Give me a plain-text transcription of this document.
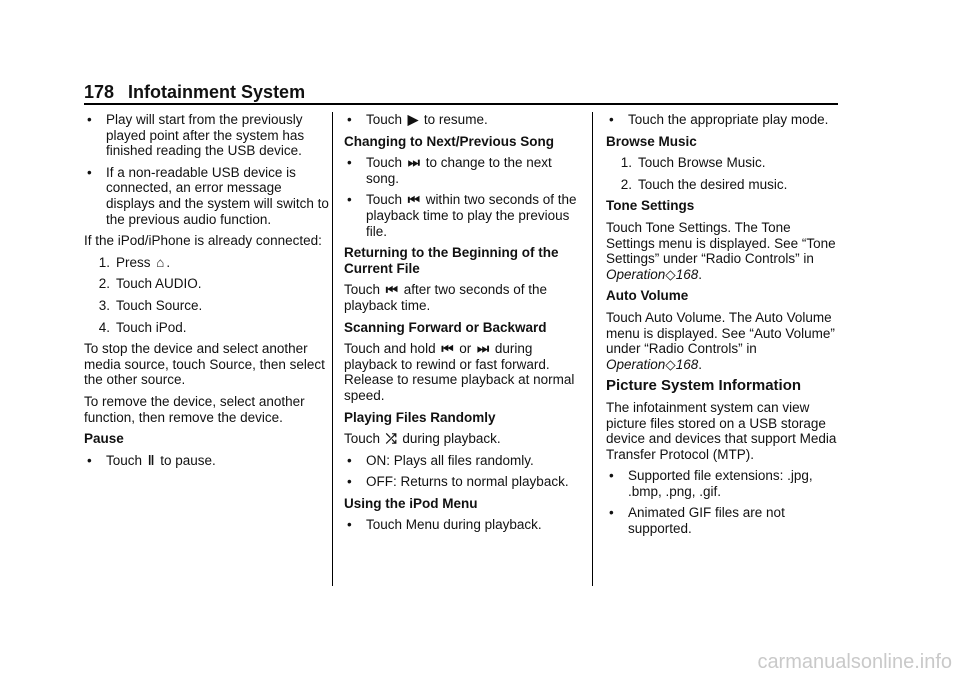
178 Infotainment System
•	Play will start from the previously played point after the system has finished reading the USB device.
•	If a non-readable USB device is connected, an error message displays and the system will switch to the previous audio function.

If the iPod/iPhone is already connected:

1. Press ⌂ .
2. Touch AUDIO.
3. Touch Source.
4. Touch iPod.

To stop the device and select another media source, touch Source, then select the other source.

To remove the device, select another function, then remove the device.

Pause
•	Touch ‖ to pause.
•	Touch ▶ to resume.
Changing to Next/Previous Song
•	Touch ⏭ to change to the next song.
•	Touch ⏮ within two seconds of the playback time to play the previous file.
Returning to the Beginning of the Current File

Touch ⏮ after two seconds of the playback time.

Scanning Forward or Backward

Touch and hold ⏮ or ⏭ during playback to rewind or fast forward. Release to resume playback at normal speed.

Playing Files Randomly

Touch ⤮ during playback.

•	ON: Plays all files randomly.
•	OFF: Returns to normal playback.
Using the iPod Menu
•	Touch Menu during playback.
•	Touch the appropriate play mode.
Browse Music
1. Touch Browse Music.
2. Touch the desired music.
Tone Settings

Touch Tone Settings. The Tone Settings menu is displayed. See “Tone Settings” under “Radio Controls” in Operation◇168.

Auto Volume

Touch Auto Volume. The Auto Volume menu is displayed. See “Auto Volume” under “Radio Controls” in Operation◇168.

Picture System Information

The infotainment system can view picture files stored on a USB storage device and devices that support Media Transfer Protocol (MTP).

•	Supported file extensions: .jpg, .bmp, .png, .gif.
•	Animated GIF files are not supported.
carmanualsonline.info
